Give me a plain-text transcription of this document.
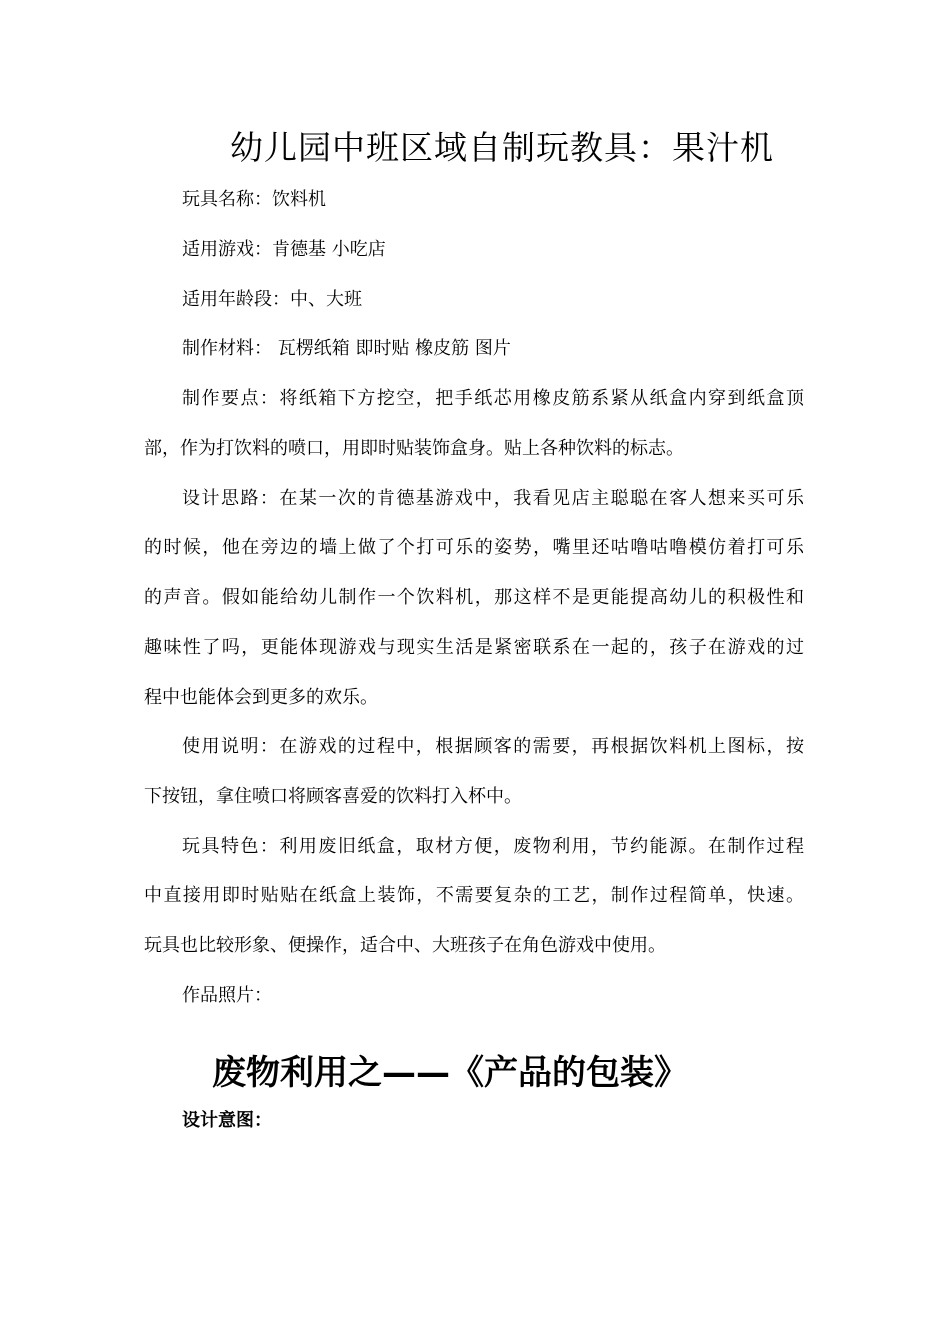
幼儿园中班区域自制玩教具：果汁机
玩具名称：饮料机
适用游戏：肯德基 小吃店
适用年龄段：中、大班
制作材料： 瓦楞纸箱 即时贴 橡皮筋 图片
制作要点：将纸箱下方挖空，把手纸芯用橡皮筋系紧从纸盒内穿到纸盒顶
部，作为打饮料的喷口，用即时贴装饰盒身。贴上各种饮料的标志。
设计思路：在某一次的肯德基游戏中，我看见店主聪聪在客人想来买可乐
的时候，他在旁边的墙上做了个打可乐的姿势，嘴里还咕噜咕噜模仿着打可乐
的声音。假如能给幼儿制作一个饮料机，那这样不是更能提高幼儿的积极性和
趣味性了吗，更能体现游戏与现实生活是紧密联系在一起的，孩子在游戏的过
程中也能体会到更多的欢乐。
使用说明：在游戏的过程中，根据顾客的需要，再根据饮料机上图标，按
下按钮，拿住喷口将顾客喜爱的饮料打入杯中。
玩具特色：利用废旧纸盒，取材方便，废物利用，节约能源。在制作过程
中直接用即时贴贴在纸盒上装饰，不需要复杂的工艺，制作过程简单，快速。
玩具也比较形象、便操作，适合中、大班孩子在角色游戏中使用。
作品照片：
废物利用之——《产品的包装》
设计意图：
